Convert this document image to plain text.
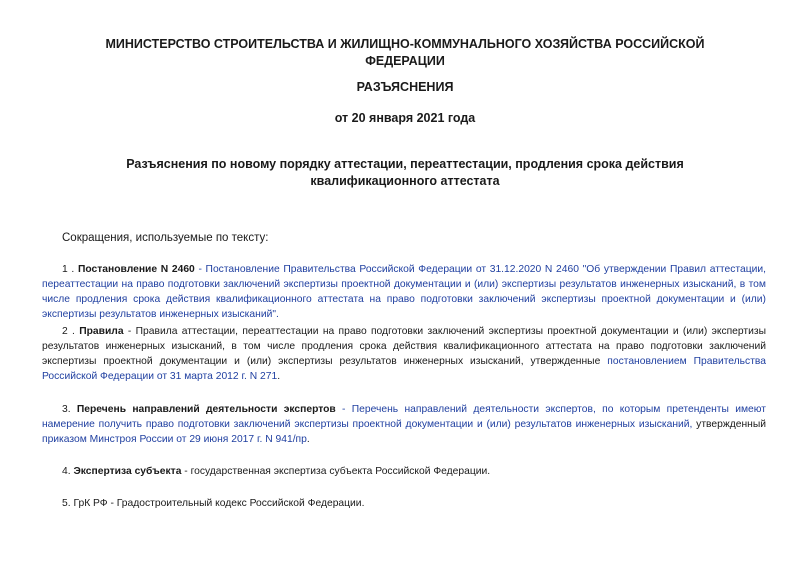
МИНИСТЕРСТВО СТРОИТЕЛЬСТВА И ЖИЛИЩНО-КОММУНАЛЬНОГО ХОЗЯЙСТВА РОССИЙСКОЙ
ФЕДЕРАЦИИ
РАЗЪЯСНЕНИЯ
от 20 января 2021 года
Разъяснения по новому порядку аттестации, переаттестации, продления срока действия
квалификационного аттестата
Сокращения, используемые по тексту:
1 . Постановление N 2460 - Постановление Правительства Российской Федерации от 31.12.2020 N 2460 "Об утверждении Правил аттестации, переаттестации на право подготовки заключений экспертизы проектной документации и (или) экспертизы результатов инженерных изысканий, в том числе продления срока действия квалификационного аттестата на право подготовки заключений экспертизы проектной документации и (или) экспертизы результатов инженерных изысканий".
2 . Правила - Правила аттестации, переаттестации на право подготовки заключений экспертизы проектной документации и (или) экспертизы результатов инженерных изысканий, в том числе продления срока действия квалификационного аттестата на право подготовки заключений экспертизы проектной документации и (или) экспертизы результатов инженерных изысканий, утвержденные постановлением Правительства Российской Федерации от 31 марта 2012 г. N 271.
3. Перечень направлений деятельности экспертов - Перечень направлений деятельности экспертов, по которым претенденты имеют намерение получить право подготовки заключений экспертизы проектной документации и (или) результатов инженерных изысканий, утвержденный приказом Минстроя России от 29 июня 2017 г. N 941/пр.
4. Экспертиза субъекта - государственная экспертиза субъекта Российской Федерации.
5. ГрК РФ - Градостроительный кодекс Российской Федерации.
